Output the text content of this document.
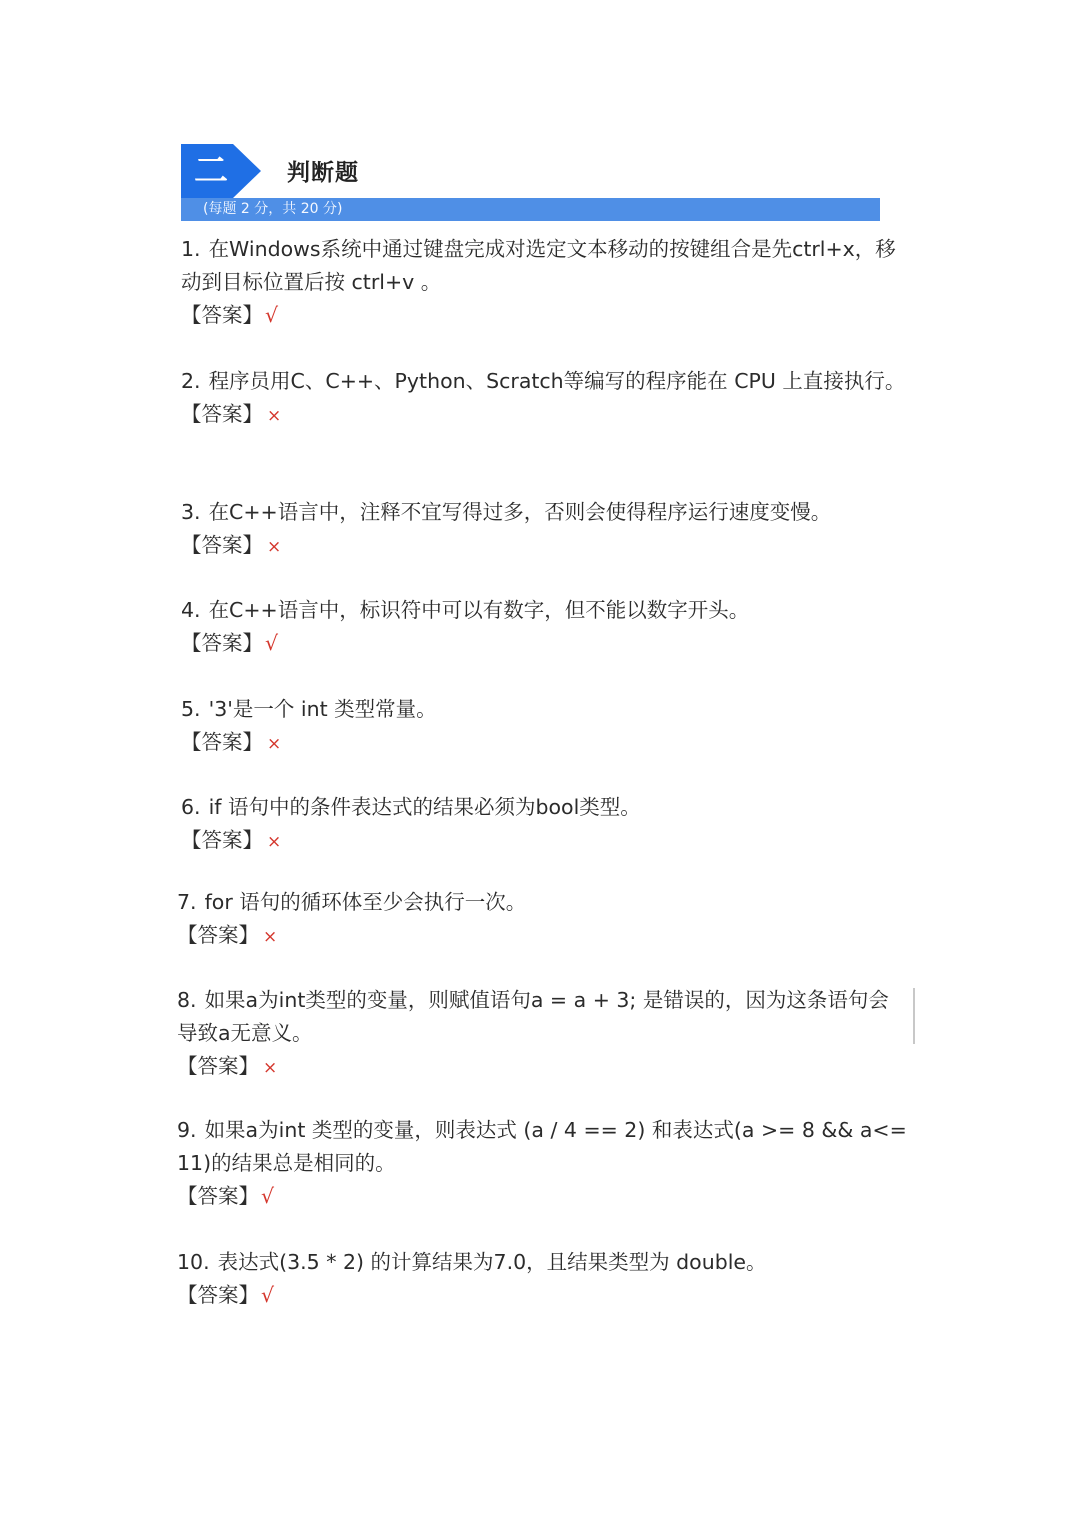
二	判断题
(每题 2 分，共 20 分)
1. 在Windows系统中通过键盘完成对选定文本移动的按键组合是先ctrl+x，移动到目标位置后按 ctrl+v 。
【答案】√
2. 程序员用C、C++、Python、Scratch等编写的程序能在 CPU 上直接执行。
【答案】 ×
3. 在C++语言中，注释不宜写得过多，否则会使得程序运行速度变慢。
【答案】 ×
4. 在C++语言中，标识符中可以有数字，但不能以数字开头。
【答案】√
5. '3'是一个 int 类型常量。
【答案】 ×
6. if 语句中的条件表达式的结果必须为bool类型。
【答案】 ×
7. for 语句的循环体至少会执行一次。
【答案】 ×
8. 如果a为int类型的变量，则赋值语句a = a + 3; 是错误的，因为这条语句会导致a无意义。
【答案】 ×
9. 如果a为int 类型的变量，则表达式 (a / 4 == 2) 和表达式(a >= 8 && a<= 11)的结果总是相同的。
【答案】√
10. 表达式(3.5 * 2) 的计算结果为7.0，且结果类型为 double。
【答案】√
